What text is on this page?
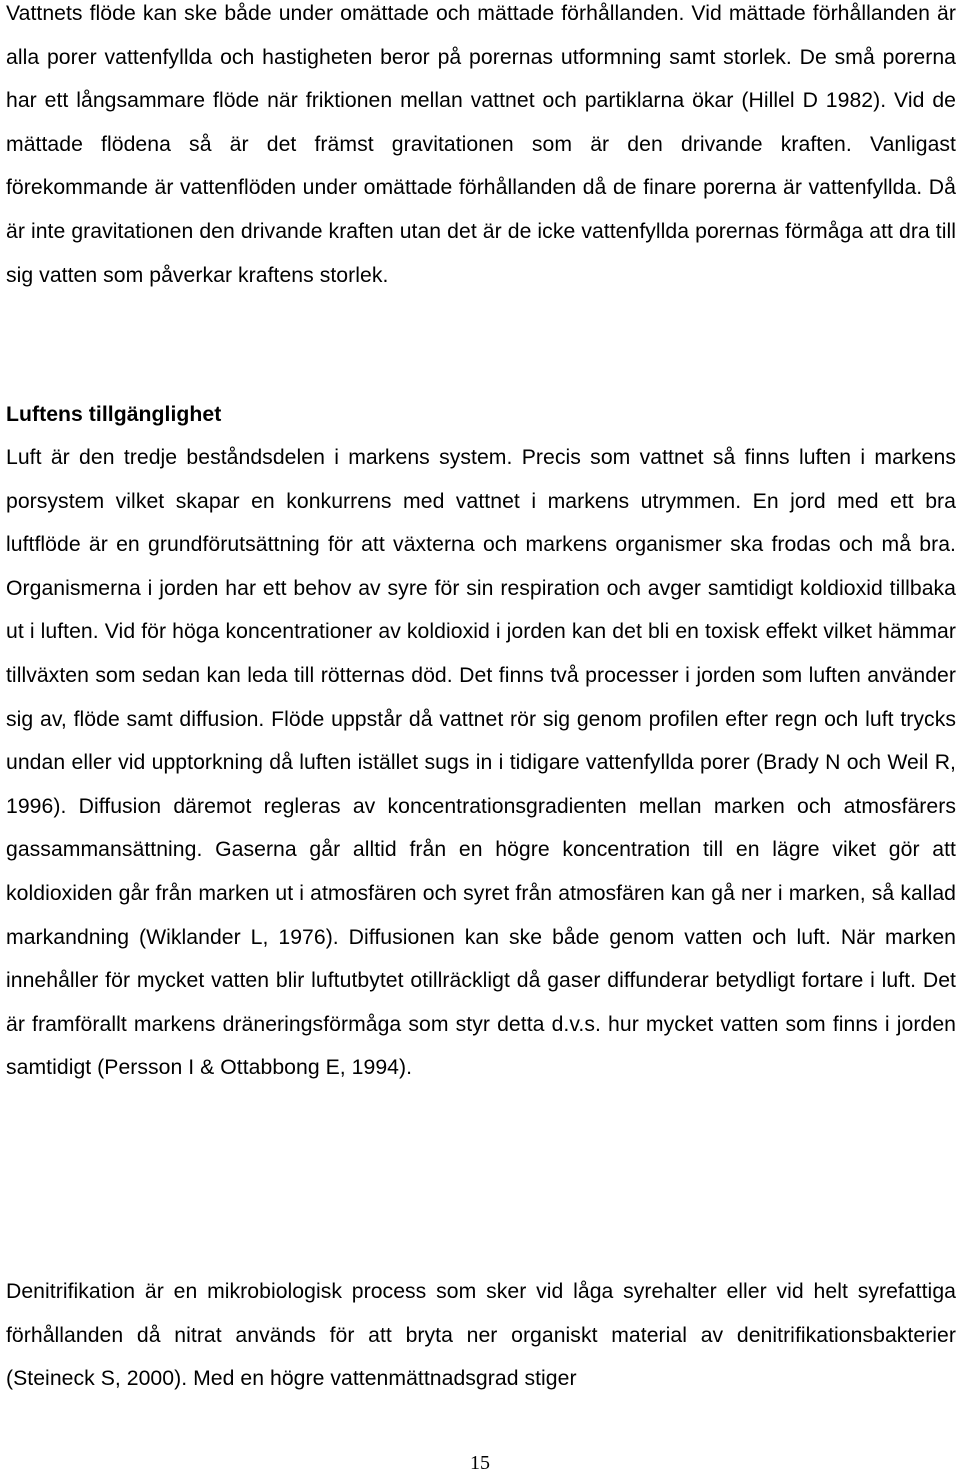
Vattnets flöde kan ske både under omättade och mättade förhållanden. Vid mättade förhållanden är alla porer vattenfyllda och hastigheten beror på porernas utformning samt storlek. De små porerna har ett långsammare flöde när friktionen mellan vattnet och partiklarna ökar (Hillel D 1982). Vid de mättade flödena så är det främst gravitationen som är den drivande kraften. Vanligast förekommande är vattenflöden under omättade förhållanden då de finare porerna är vattenfyllda. Då är inte gravitationen den drivande kraften utan det är de icke vattenfyllda porernas förmåga att dra till sig vatten som påverkar kraftens storlek.
Luftens tillgänglighet
Luft är den tredje beståndsdelen i markens system. Precis som vattnet så finns luften i markens porsystem vilket skapar en konkurrens med vattnet i markens utrymmen. En jord med ett bra luftflöde är en grundförutsättning för att växterna och markens organismer ska frodas och må bra. Organismerna i jorden har ett behov av syre för sin respiration och avger samtidigt koldioxid tillbaka ut i luften. Vid för höga koncentrationer av koldioxid i jorden kan det bli en toxisk effekt vilket hämmar tillväxten som sedan kan leda till rötternas död. Det finns två processer i jorden som luften använder sig av, flöde samt diffusion. Flöde uppstår då vattnet rör sig genom profilen efter regn och luft trycks undan eller vid upptorkning då luften istället sugs in i tidigare vattenfyllda porer (Brady N och Weil R, 1996). Diffusion däremot regleras av koncentrationsgradienten mellan marken och atmosfärers gassammansättning. Gaserna går alltid från en högre koncentration till en lägre viket gör att koldioxiden går från marken ut i atmosfären och syret från atmosfären kan gå ner i marken, så kallad markandning (Wiklander L, 1976). Diffusionen kan ske både genom vatten och luft. När marken innehåller för mycket vatten blir luftutbytet otillräckligt då gaser diffunderar betydligt fortare i luft. Det är framförallt markens dräneringsförmåga som styr detta d.v.s. hur mycket vatten som finns i jorden samtidigt (Persson I & Ottabbong E, 1994).
Denitrifikation är en mikrobiologisk process som sker vid låga syrehalter eller vid helt syrefattiga förhållanden då nitrat används för att bryta ner organiskt material av denitrifikationsbakterier (Steineck S, 2000). Med en högre vattenmättnadsgrad stiger
15
